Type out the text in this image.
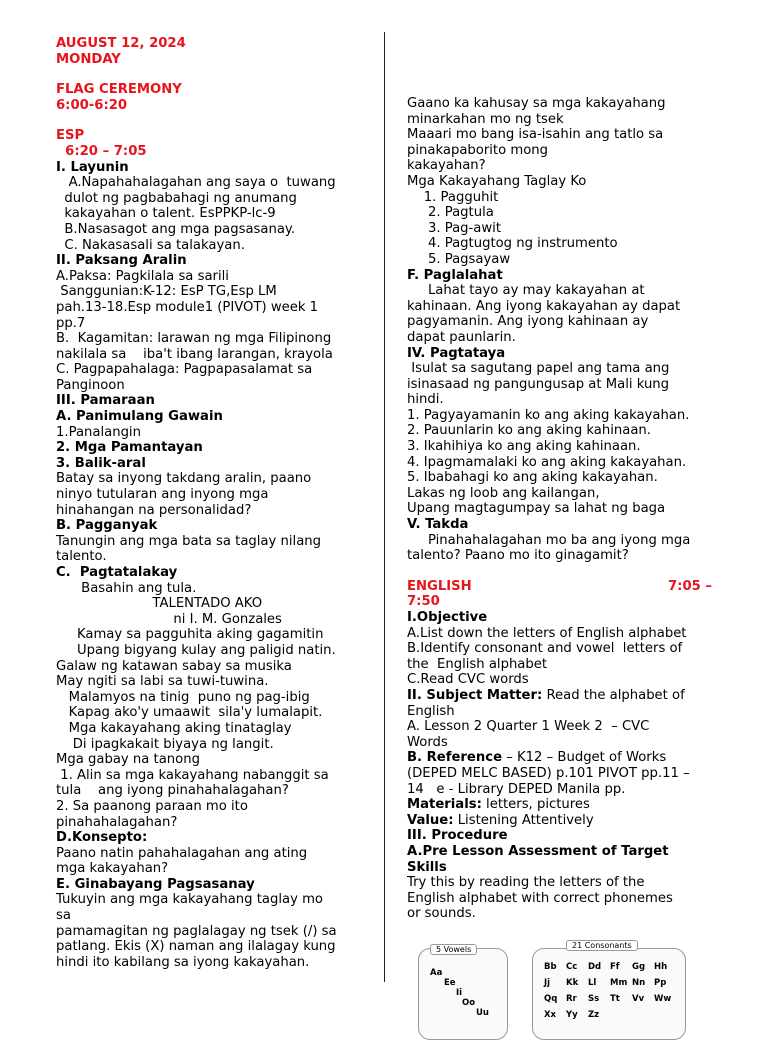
AUGUST 12, 2024
MONDAY
FLAG CEREMONY
6:00-6:20
ESP
6:20 – 7:05
I. Layunin
A.Napahahalagahan ang saya o  tuwang
dulot ng pagbabahagi ng anumang
kakayahan o talent. EsPPKP-lc-9
B.Nasasagot ang mga pagsasanay.
C. Nakasasali sa talakayan.
II. Paksang Aralin
A.Paksa: Pagkilala sa sarili
Sanggunian:K-12: EsP TG,Esp LM
pah.13-18.Esp module1 (PIVOT) week 1
pp.7
B.  Kagamitan: larawan ng mga Filipinong
nakilala sa    iba't ibang larangan, krayola
C. Pagpapahalaga: Pagpapasalamat sa
Panginoon
III. Pamaraan
A. Panimulang Gawain
1.Panalangin
2. Mga Pamantayan
3. Balik-aral
Batay sa inyong takdang aralin, paano
ninyo tutularan ang inyong mga
hinahangan na personalidad?
B. Pagganyak
Tanungin ang mga bata sa taglay nilang
talento.
C.  Pagtatalakay
Basahin ang tula.
TALENTADO AKO
ni I. M. Gonzales
Kamay sa pagguhita aking gagamitin
Upang bigyang kulay ang paligid natin.
Galaw ng katawan sabay sa musika
May ngiti sa labi sa tuwi-tuwina.
Malamyos na tinig  puno ng pag-ibig
Kapag ako'y umaawit  sila'y lumalapit.
Mga kakayahang aking tinataglay
Di ipagkakait biyaya ng langit.
Mga gabay na tanong
1. Alin sa mga kakayahang nabanggit sa
tula    ang iyong pinahahalagahan?
2. Sa paanong paraan mo ito
pinahahalagahan?
D.Konsepto:
Paano natin pahahalagahan ang ating
mga kakayahan?
E. Ginabayang Pagsasanay
Tukuyin ang mga kakayahang taglay mo
sa
pamamagitan ng paglalagay ng tsek (/) sa
patlang. Ekis (X) naman ang ilalagay kung
hindi ito kabilang sa iyong kakayahan.
Gaano ka kahusay sa mga kakayahang
minarkahan mo ng tsek
Maaari mo bang isa-isahin ang tatlo sa
pinakapaborito mong
kakayahan?
Mga Kakayahang Taglay Ko
1. Pagguhit
2. Pagtula
3. Pag-awit
4. Pagtugtog ng instrumento
5. Pagsayaw
F. Paglalahat
Lahat tayo ay may kakayahan at
kahinaan. Ang iyong kakayahan ay dapat
pagyamanin. Ang iyong kahinaan ay
dapat paunlarin.
IV. Pagtataya
Isulat sa sagutang papel ang tama ang
isinasaad ng pangungusap at Mali kung
hindi.
1. Pagyayamanin ko ang aking kakayahan.
2. Pauunlarin ko ang aking kahinaan.
3. Ikahihiya ko ang aking kahinaan.
4. Ipagmamalaki ko ang aking kakayahan.
5. Ibabahagi ko ang aking kakayahan.
Lakas ng loob ang kailangan,
Upang magtagumpay sa lahat ng baga
V. Takda
Pinahahalagahan mo ba ang iyong mga
talento? Paano mo ito ginagamit?
ENGLISH	7:05 –
7:50
I.Objective
A.List down the letters of English alphabet
B.Identify consonant and vowel  letters of
the  English alphabet
C.Read CVC words
II. Subject Matter: Read the alphabet of
English
A. Lesson 2 Quarter 1 Week 2  – CVC
Words
B. Reference – K12 – Budget of Works
(DEPED MELC BASED) p.101 PIVOT pp.11 –
14   e - Library DEPED Manila pp.
Materials: letters, pictures
Value: Listening Attentively
III. Procedure
A.Pre Lesson Assessment of Target
Skills
Try this by reading the letters of the
English alphabet with correct phonemes
or sounds.
5 Vowels	21 Consonants
Aa
Ee
Ii
Oo
Uu
Bb Cc Dd Ff Gg Hh
Jj Kk Ll Mm Nn Pp
Qq Rr Ss Tt Vv Ww
Xx Yy Zz
